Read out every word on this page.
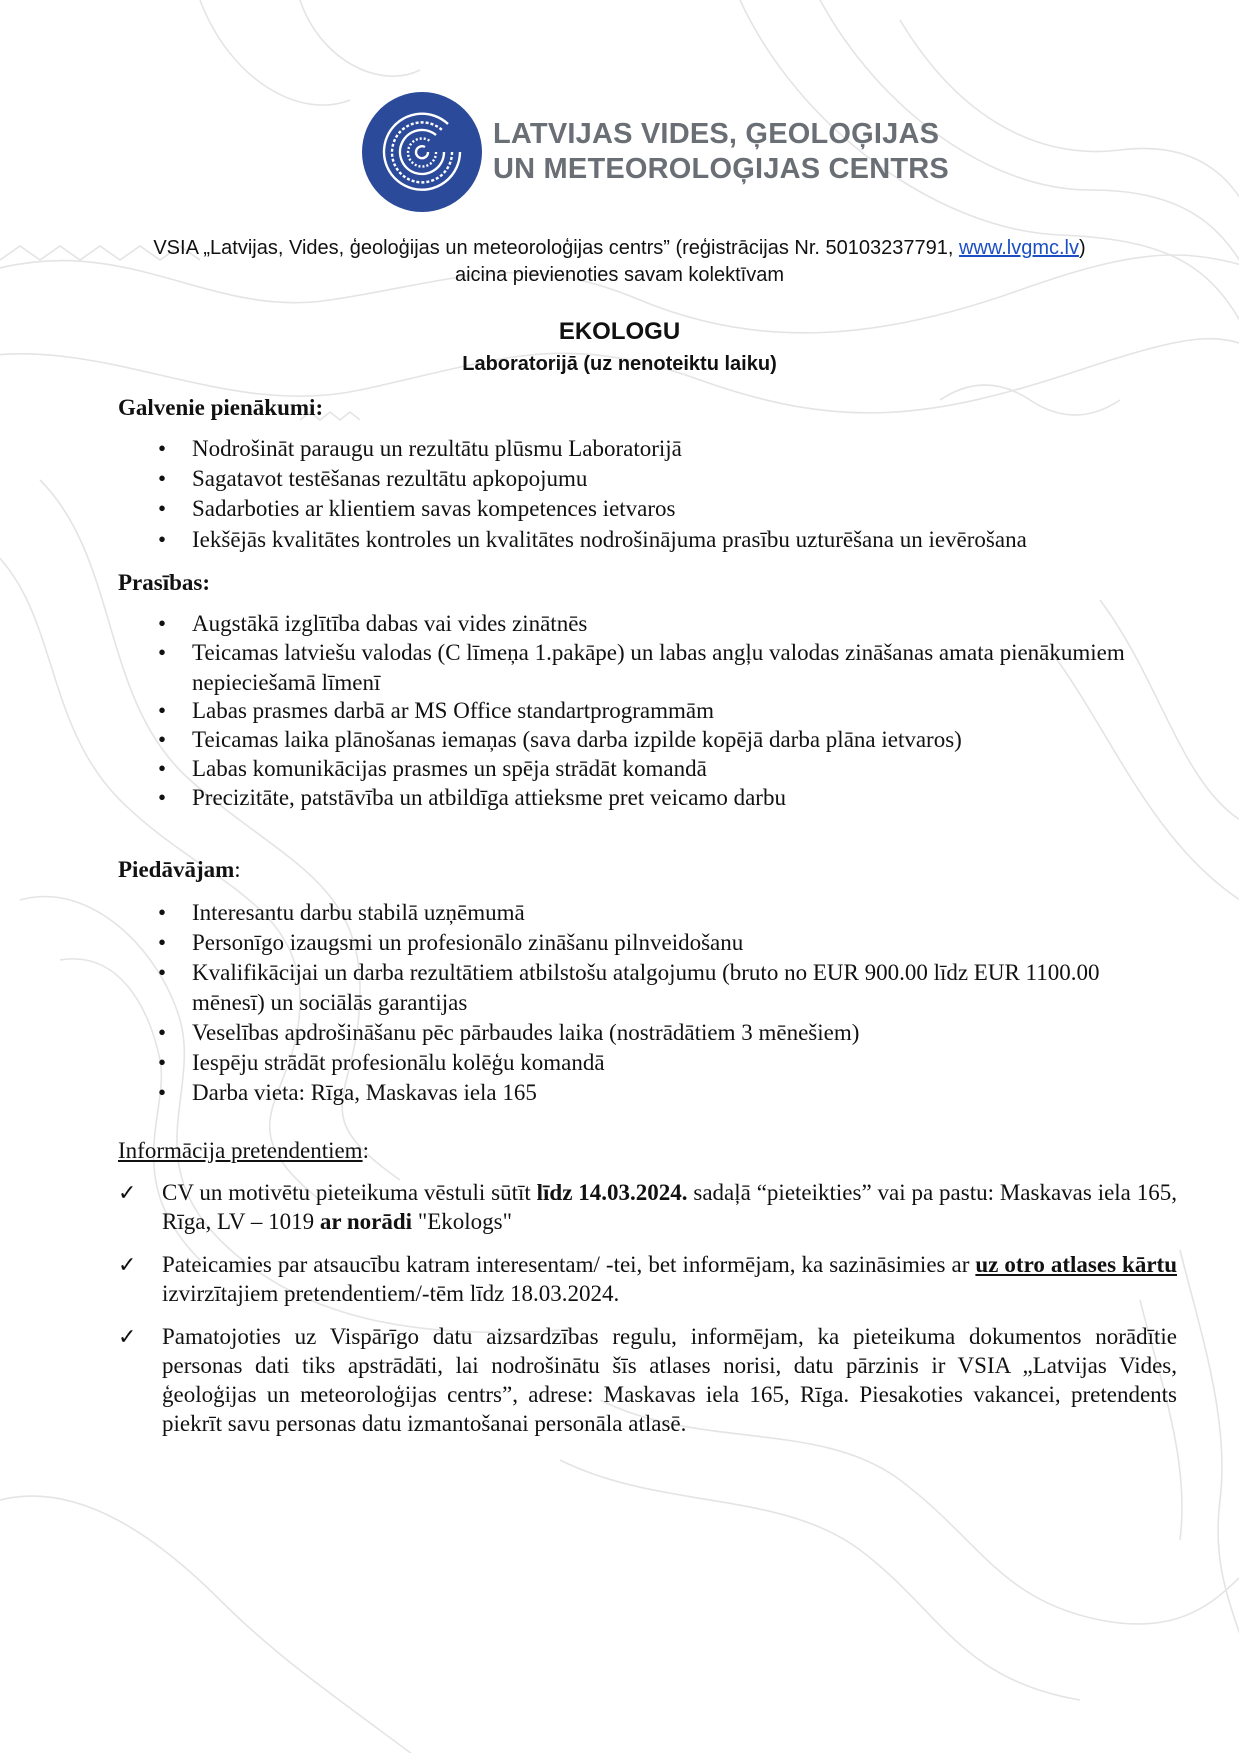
LATVIJAS VIDES, ĢEOLOĢIJAS
UN METEOROLOĢIJAS CENTRS
VSIA „Latvijas, Vides, ģeoloģijas un meteoroloģijas centrs” (reģistrācijas Nr. 50103237791, www.lvgmc.lv)
aicina pievienoties savam kolektīvam
EKOLOGU
Laboratorijā (uz nenoteiktu laiku)
Galvenie pienākumi:
• Nodrošināt paraugu un rezultātu plūsmu Laboratorijā
• Sagatavot testēšanas rezultātu apkopojumu
• Sadarboties ar klientiem savas kompetences ietvaros
• Iekšējās kvalitātes kontroles un kvalitātes nodrošinājuma prasību uzturēšana un ievērošana
Prasības:
• Augstākā izglītība dabas vai vides zinātnēs
• Teicamas latviešu valodas (C līmeņa 1.pakāpe) un labas angļu valodas zināšanas amata pienākumiem nepieciešamā līmenī
• Labas prasmes darbā ar MS Office standartprogrammām
• Teicamas laika plānošanas iemaņas (sava darba izpilde kopējā darba plāna ietvaros)
• Labas komunikācijas prasmes un spēja strādāt komandā
• Precizitāte, patstāvība un atbildīga attieksme pret veicamo darbu
Piedāvājam:
• Interesantu darbu stabilā uzņēmumā
• Personīgo izaugsmi un profesionālo zināšanu pilnveidošanu
• Kvalifikācijai un darba rezultātiem atbilstošu atalgojumu (bruto no EUR 900.00 līdz EUR 1100.00 mēnesī) un sociālās garantijas
• Veselības apdrošināšanu pēc pārbaudes laika (nostrādātiem 3 mēnešiem)
• Iespēju strādāt profesionālu kolēģu komandā
• Darba vieta: Rīga, Maskavas iela 165
Informācija pretendentiem:
✓ CV un motivētu pieteikuma vēstuli sūtīt līdz 14.03.2024. sadaļā “pieteikties” vai pa pastu: Maskavas iela 165, Rīga, LV – 1019 ar norādi "Ekologs"
✓ Pateicamies par atsaucību katram interesentam/ -tei, bet informējam, ka sazināsimies ar uz otro atlases kārtu izvirzītajiem pretendentiem/-tēm līdz 18.03.2024.
✓ Pamatojoties uz Vispārīgo datu aizsardzības regulu, informējam, ka pieteikuma dokumentos norādītie personas dati tiks apstrādāti, lai nodrošinātu šīs atlases norisi, datu pārzinis ir VSIA „Latvijas Vides, ģeoloģijas un meteoroloģijas centrs”, adrese: Maskavas iela 165, Rīga. Piesakoties vakancei, pretendents piekrīt savu personas datu izmantošanai personāla atlasē.
